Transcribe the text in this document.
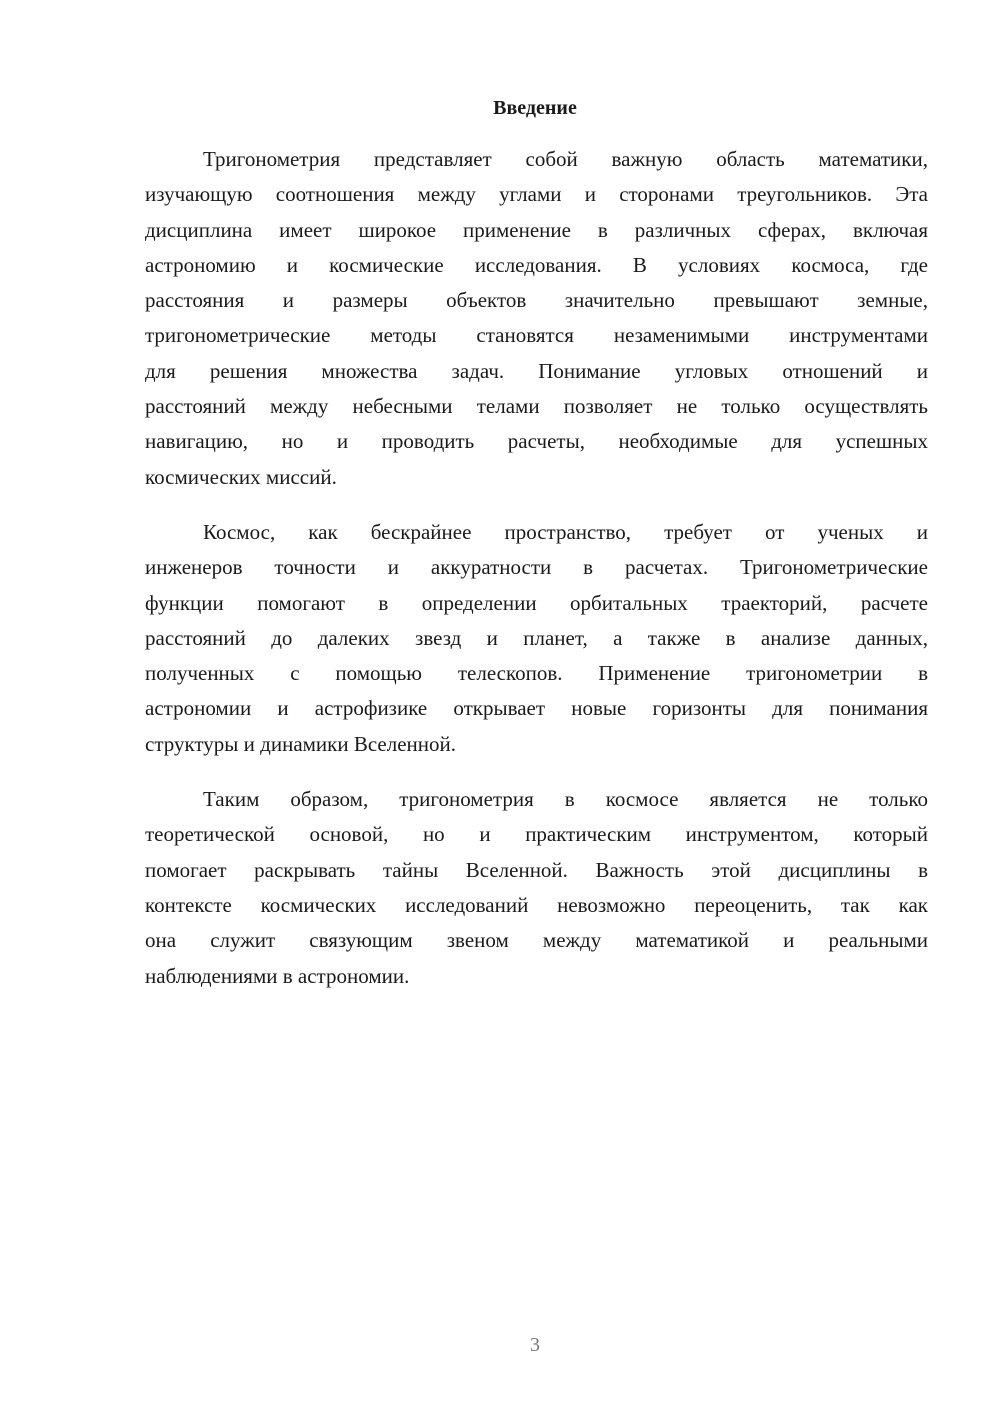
Введение
Тригонометрия представляет собой важную область математики,
изучающую соотношения между углами и сторонами треугольников. Эта
дисциплина имеет широкое применение в различных сферах, включая
астрономию и космические исследования. В условиях космоса, где
расстояния и размеры объектов значительно превышают земные,
тригонометрические методы становятся незаменимыми инструментами
для решения множества задач. Понимание угловых отношений и
расстояний между небесными телами позволяет не только осуществлять
навигацию, но и проводить расчеты, необходимые для успешных
космических миссий.
Космос, как бескрайнее пространство, требует от ученых и
инженеров точности и аккуратности в расчетах. Тригонометрические
функции помогают в определении орбитальных траекторий, расчете
расстояний до далеких звезд и планет, а также в анализе данных,
полученных с помощью телескопов. Применение тригонометрии в
астрономии и астрофизике открывает новые горизонты для понимания
структуры и динамики Вселенной.
Таким образом, тригонометрия в космосе является не только
теоретической основой, но и практическим инструментом, который
помогает раскрывать тайны Вселенной. Важность этой дисциплины в
контексте космических исследований невозможно переоценить, так как
она служит связующим звеном между математикой и реальными
наблюдениями в астрономии.
3
